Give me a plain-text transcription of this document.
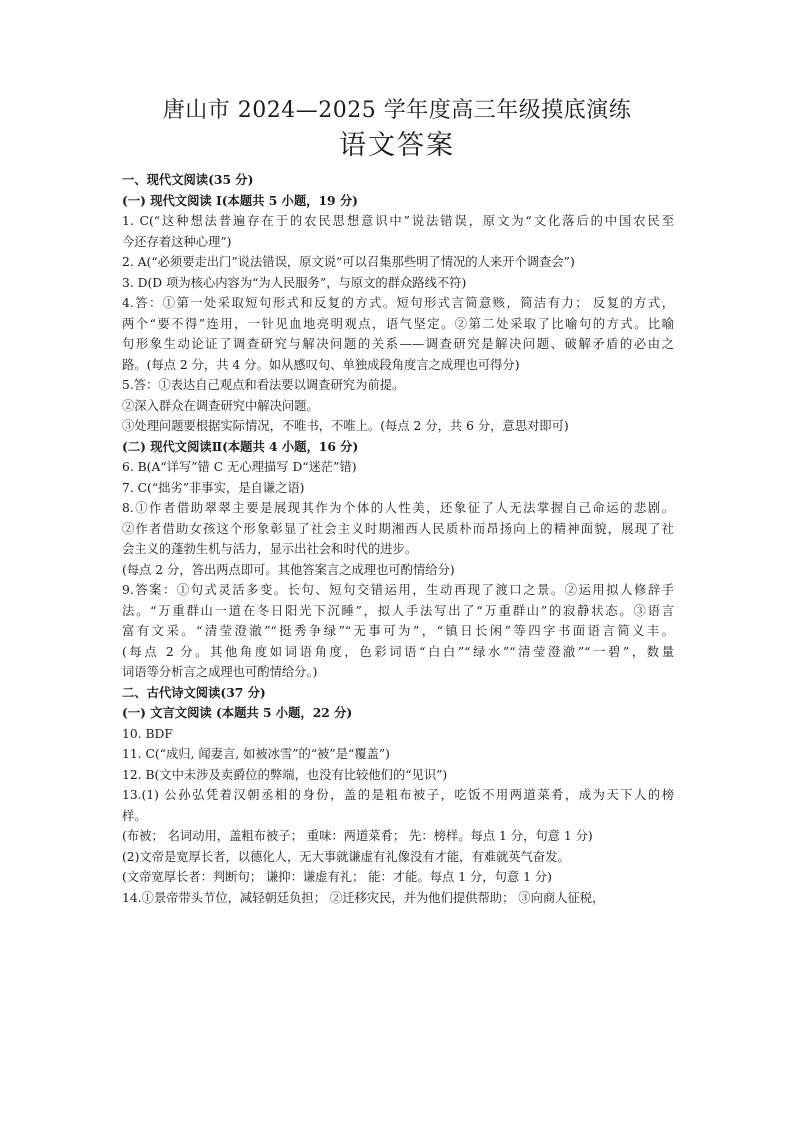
唐山市 2024—2025 学年度高三年级摸底演练
语文答案
一、现代文阅读(35 分)
(一) 现代文阅读 I(本题共 5 小题，19 分)
1. C(“这种想法普遍存在于的农民思想意识中”说法错误，原文为“文化落后的中国农民至
今还存着这种心理”)
2. A(“必须要走出门”说法错误，原文说“可以召集那些明了情况的人来开个调查会”)
3. D(D 项为核心内容为“为人民服务”，与原文的群众路线不符)
4.答：①第一处采取短句形式和反复的方式。短句形式言简意赅，简洁有力； 反复的方式，
两个“要不得”连用，一针见血地亮明观点，语气坚定。②第二处采取了比喻句的方式。比喻
句形象生动论证了调查研究与解决问题的关系——调查研究是解决问题、破解矛盾的必由之
路。(每点 2 分，共 4 分。如从感叹句、单独成段角度言之成理也可得分)
5.答：①表达自己观点和看法要以调查研究为前提。
②深入群众在调查研究中解决问题。
③处理问题要根据实际情况，不唯书，不唯上。(每点 2 分，共 6 分，意思对即可)
(二) 现代文阅读Ⅱ(本题共 4 小题，16 分)
6. B(A“详写”错 C 无心理描写 D“迷茫”错)
7. C(“拙劣”非事实，是自谦之语)
8.①作者借助翠翠主要是展现其作为个体的人性美，还象征了人无法掌握自己命运的悲剧。
②作者借助女孩这个形象彰显了社会主义时期湘西人民质朴而昂扬向上的精神面貌，展现了社
会主义的蓬勃生机与活力，显示出社会和时代的进步。
(每点 2 分，答出两点即可。其他答案言之成理也可酌情给分)
9.答案：①句式灵活多变。长句、短句交错运用，生动再现了渡口之景。②运用拟人修辞手
法。“万重群山一道在冬日阳光下沉睡”，拟人手法写出了“万重群山”的寂静状态。③语言
富有文采。“清莹澄澈”“挺秀争绿”“无事可为”，“镇日长闲”等四字书面语言简义丰。
(每点 2 分。其他角度如词语角度，色彩词语“白白”“绿水”“清莹澄澈”“一碧”，数量
词语等分析言之成理也可酌情给分。)
二、古代诗文阅读(37 分)
(一) 文言文阅读 (本题共 5 小题，22 分)
10. BDF
11. C(“成归, 闻妻言, 如被冰雪”的“被”是“覆盖”)
12. B(文中未涉及卖爵位的弊端，也没有比较他们的“见识”)
13.(1) 公孙弘凭着汉朝丞相的身份，盖的是粗布被子，吃饭不用两道菜肴，成为天下人的榜
样。
(布被； 名词动用，盖粗布被子； 重味：两道菜肴； 先：榜样。每点 1 分，句意 1 分)
(2)文帝是宽厚长者，以德化人，无大事就谦虚有礼像没有才能，有难就英气奋发。
(文帝宽厚长者：判断句； 谦抑：谦虚有礼； 能：才能。每点 1 分，句意 1 分)
14.①景帝带头节位，减轻朝廷负担； ②迁移灾民，并为他们提供帮助； ③向商人征税，
